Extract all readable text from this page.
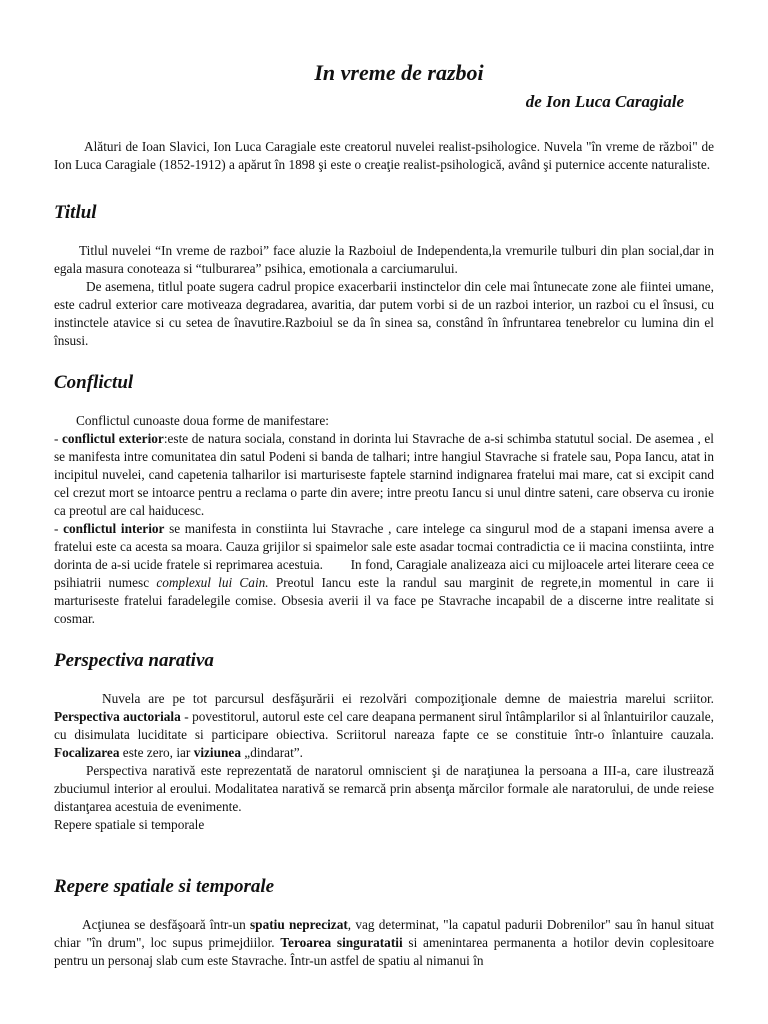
In vreme de razboi
de Ion Luca Caragiale

Alături de Ioan Slavici, Ion Luca Caragiale este creatorul nuvelei realist-psihologice. Nuvela "în vreme de război" de Ion Luca Caragiale (1852-1912) a apărut în 1898 şi este o creaţie realist-psihologică, având şi puternice accente naturaliste.

Titlul

Titlul nuvelei “In vreme de razboi” face aluzie la Razboiul de Independenta,la vremurile tulburi din plan social,dar in egala masura conoteaza si “tulburarea” psihica, emotionala a carciumarului.

De asemena, titlul poate sugera cadrul propice exacerbarii instinctelor din cele mai întunecate zone ale fiintei umane, este cadrul exterior care motiveaza degradarea, avaritia, dar putem vorbi si de un razboi interior, un razboi cu el însusi, cu instinctele atavice si cu setea de înavutire.Razboiul se da în sinea sa, constând în înfruntarea tenebrelor cu lumina din el însusi.

Conflictul

Conflictul cunoaste doua forme de manifestare:

- conflictul exterior:este de natura sociala, constand in dorinta lui Stavrache de a-si schimba statutul social. De asemea , el se manifesta intre comunitatea din satul Podeni si banda de talhari; intre hangiul Stavrache si fratele sau, Popa Iancu, atat in incipitul nuvelei, cand capetenia talharilor isi marturiseste faptele starnind indignarea fratelui mai mare, cat si excipit cand cel crezut mort se intoarce pentru a reclama o parte din avere; intre preotu Iancu si unul dintre sateni, care observa cu ironie ca preotul are cal haiducesc.

- conflictul interior se manifesta in constiinta lui Stavrache , care intelege ca singurul mod de a stapani imensa avere a fratelui este ca acesta sa moara. Cauza grijilor si spaimelor sale este asadar tocmai contradictia ce ii macina constiinta, intre dorinta de a-si ucide fratele si reprimarea acestuia.        In fond, Caragiale analizeaza aici cu mijloacele artei literare ceea ce psihiatrii numesc complexul lui Cain. Preotul Iancu este la randul sau marginit de regrete,in momentul in care ii marturiseste fratelui faradelegile comise. Obsesia averii il va face pe Stavrache incapabil de a discerne intre realitate si cosmar.

Perspectiva narativa

Nuvela are pe tot parcursul desfăşurării ei rezolvări compoziţionale demne de maiestria marelui scriitor. Perspectiva auctoriala - povestitorul, autorul este cel care deapana permanent sirul întâmplarilor si al înlantuirilor cauzale, cu disimulata luciditate si participare obiectiva. Scriitorul nareaza fapte ce se constituie într-o înlantuire cauzala. Focalizarea este zero, iar viziunea „dindarat”.

Perspectiva narativă este reprezentată de naratorul omniscient şi de naraţiunea la persoana a III-a, care ilustrează zbuciumul interior al eroului. Modalitatea narativă se remarcă prin absenţa mărcilor formale ale naratorului, de unde reiese distanţarea acestuia de evenimente.

Repere spatiale si temporale

Repere spatiale si temporale

Acţiunea se desfăşoară într-un spatiu neprecizat, vag determinat, "la capatul padurii Dobrenilor" sau în hanul situat chiar "în drum", loc supus primejdiilor. Teroarea singuratatii si amenintarea permanenta a hotilor devin coplesitoare pentru un personaj slab cum este Stavrache. Într-un astfel de spatiu al nimanui în
